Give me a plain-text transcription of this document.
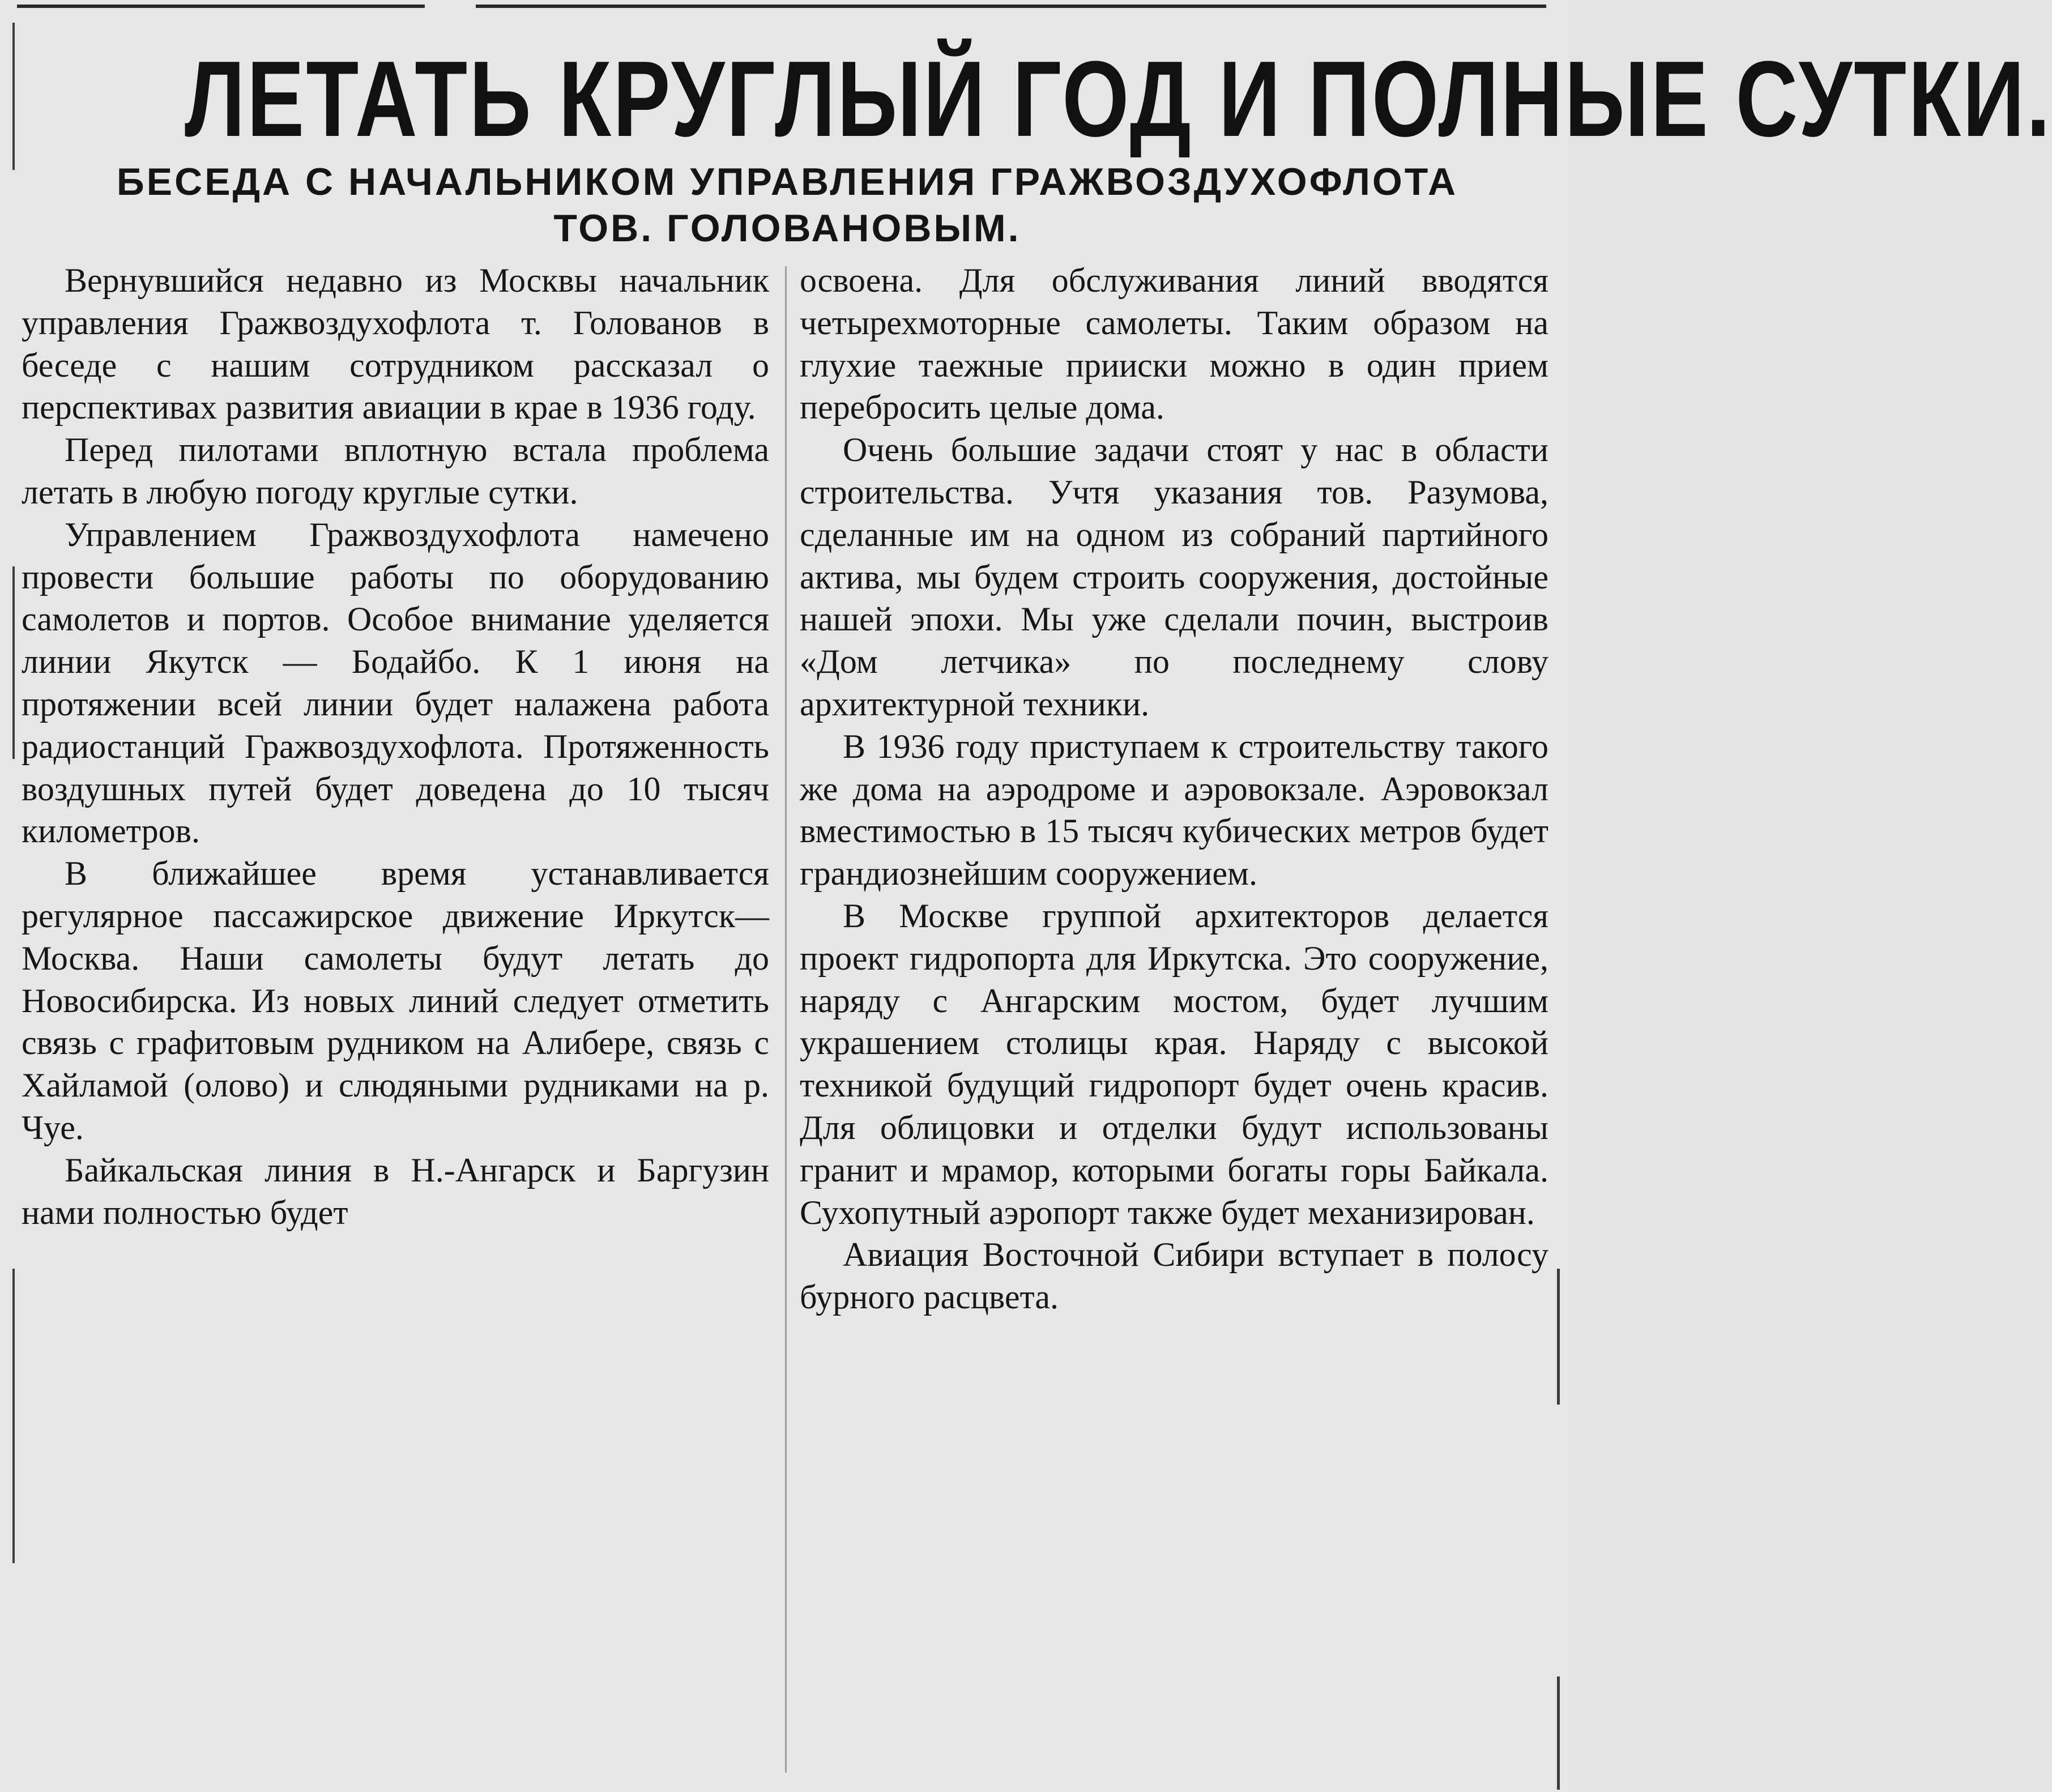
ЛЕТАТЬ КРУГЛЫЙ ГОД И ПОЛНЫЕ СУТКИ.
БЕСЕДА С НАЧАЛЬНИКОМ УПРАВЛЕНИЯ ГРАЖВОЗДУХОФЛОТА
ТОВ. ГОЛОВАНОВЫМ.

Вернувшийся недавно из Москвы начальник управления Гражвоздухофлота т. Голованов в беседе с нашим сотрудником рассказал о перспективах развития авиации в крае в 1936 году.

Перед пилотами вплотную встала проблема летать в любую погоду круглые сутки.

Управлением Гражвоздухофлота намечено провести большие работы по оборудованию самолетов и портов. Особое внимание уделяется линии Якутск — Бодайбо. К 1 июня на протяжении всей линии будет налажена работа радиостанций Гражвоздухофлота. Протяженность воздушных путей будет доведена до 10 тысяч километров.

В ближайшее время устанавливается регулярное пассажирское движение Иркутск—Москва. Наши самолеты будут летать до Новосибирска. Из новых линий следует отметить связь с графитовым рудником на Алибере, связь с Хайламой (олово) и слюдяными рудниками на р. Чуе.

Байкальская линия в Н.-Ангарск и Баргузин нами полностью будет

освоена. Для обслуживания линий вводятся четырехмоторные самолеты. Таким образом на глухие таежные прииски можно в один прием перебросить целые дома.

Очень большие задачи стоят у нас в области строительства. Учтя указания тов. Разумова, сделанные им на одном из собраний партийного актива, мы будем строить сооружения, достойные нашей эпохи. Мы уже сделали почин, выстроив «Дом летчика» по последнему слову архитектурной техники.

В 1936 году приступаем к строительству такого же дома на аэродроме и аэровокзале. Аэровокзал вместимостью в 15 тысяч кубических метров будет грандиознейшим сооружением.

В Москве группой архитекторов делается проект гидропорта для Иркутска. Это сооружение, наряду с Ангарским мостом, будет лучшим украшением столицы края. Наряду с высокой техникой будущий гидропорт будет очень красив. Для облицовки и отделки будут использованы гранит и мрамор, которыми богаты горы Байкала. Сухопутный аэропорт также будет механизирован.

Авиация Восточной Сибири вступает в полосу бурного расцвета.
